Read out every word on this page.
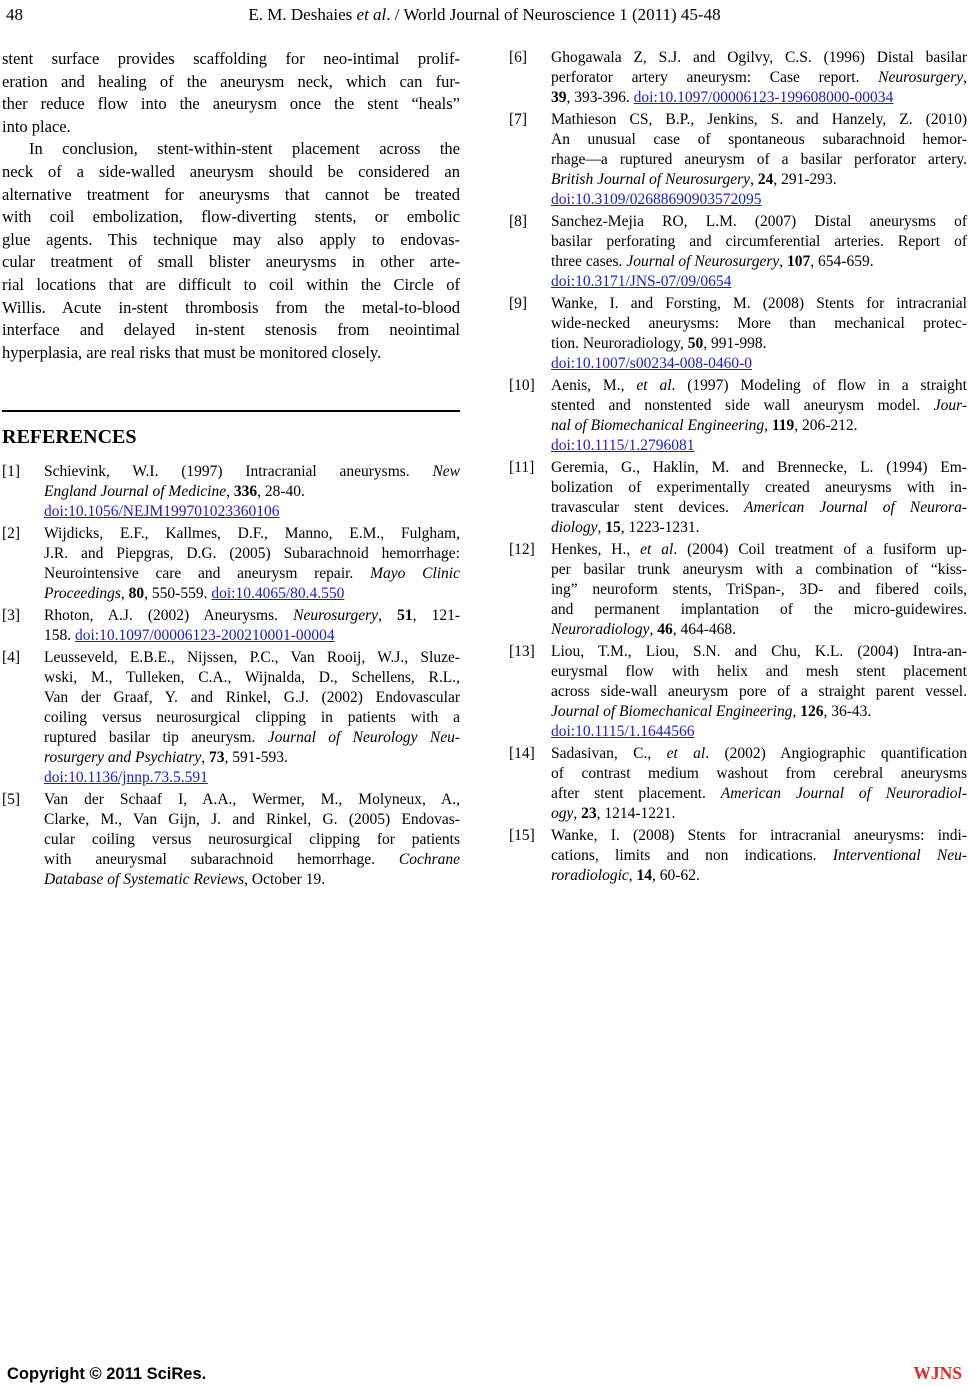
48	E. M. Deshaies et al. / World Journal of Neuroscience 1 (2011) 45-48
stent surface provides scaffolding for neo-intimal prolif-
eration and healing of the aneurysm neck, which can fur-
ther reduce flow into the aneurysm once the stent “heals”
into place.
In conclusion, stent-within-stent placement across the
neck of a side-walled aneurysm should be considered an
alternative treatment for aneurysms that cannot be treated
with coil embolization, flow-diverting stents, or embolic
glue agents. This technique may also apply to endovas-
cular treatment of small blister aneurysms in other arte-
rial locations that are difficult to coil within the Circle of
Willis. Acute in-stent thrombosis from the metal-to-blood
interface and delayed in-stent stenosis from neointimal
hyperplasia, are real risks that must be monitored closely.
REFERENCES
[1]	Schievink, W.I. (1997) Intracranial aneurysms. New
England Journal of Medicine, 336, 28-40.
doi:10.1056/NEJM199701023360106
[2]	Wijdicks, E.F., Kallmes, D.F., Manno, E.M., Fulgham,
J.R. and Piepgras, D.G. (2005) Subarachnoid hemorrhage:
Neurointensive care and aneurysm repair. Mayo Clinic
Proceedings, 80, 550-559. doi:10.4065/80.4.550
[3]	Rhoton, A.J. (2002) Aneurysms. Neurosurgery, 51, 121-
158. doi:10.1097/00006123-200210001-00004
[4]	Leusseveld, E.B.E., Nijssen, P.C., Van Rooij, W.J., Sluze-
wski, M., Tulleken, C.A., Wijnalda, D., Schellens, R.L.,
Van der Graaf, Y. and Rinkel, G.J. (2002) Endovascular
coiling versus neurosurgical clipping in patients with a
ruptured basilar tip aneurysm. Journal of Neurology Neu-
rosurgery and Psychiatry, 73, 591-593.
doi:10.1136/jnnp.73.5.591
[5]	Van der Schaaf I, A.A., Wermer, M., Molyneux, A.,
Clarke, M., Van Gijn, J. and Rinkel, G. (2005) Endovas-
cular coiling versus neurosurgical clipping for patients
with aneurysmal subarachnoid hemorrhage. Cochrane
Database of Systematic Reviews, October 19.
[6]	Ghogawala Z, S.J. and Ogilvy, C.S. (1996) Distal basilar
perforator artery aneurysm: Case report. Neurosurgery,
39, 393-396. doi:10.1097/00006123-199608000-00034
[7]	Mathieson CS, B.P., Jenkins, S. and Hanzely, Z. (2010)
An unusual case of spontaneous subarachnoid hemor-
rhage—a ruptured aneurysm of a basilar perforator artery.
British Journal of Neurosurgery, 24, 291-293.
doi:10.3109/02688690903572095
[8]	Sanchez-Mejia RO, L.M. (2007) Distal aneurysms of
basilar perforating and circumferential arteries. Report of
three cases. Journal of Neurosurgery, 107, 654-659.
doi:10.3171/JNS-07/09/0654
[9]	Wanke, I. and Forsting, M. (2008) Stents for intracranial
wide-necked aneurysms: More than mechanical protec-
tion. Neuroradiology, 50, 991-998.
doi:10.1007/s00234-008-0460-0
[10]	Aenis, M., et al. (1997) Modeling of flow in a straight
stented and nonstented side wall aneurysm model. Jour-
nal of Biomechanical Engineering, 119, 206-212.
doi:10.1115/1.2796081
[11]	Geremia, G., Haklin, M. and Brennecke, L. (1994) Em-
bolization of experimentally created aneurysms with in-
travascular stent devices. American Journal of Neurora-
diology, 15, 1223-1231.
[12]	Henkes, H., et al. (2004) Coil treatment of a fusiform up-
per basilar trunk aneurysm with a combination of “kiss-
ing” neuroform stents, TriSpan-, 3D- and fibered coils,
and permanent implantation of the micro-guidewires.
Neuroradiology, 46, 464-468.
[13]	Liou, T.M., Liou, S.N. and Chu, K.L. (2004) Intra-an-
eurysmal flow with helix and mesh stent placement
across side-wall aneurysm pore of a straight parent vessel.
Journal of Biomechanical Engineering, 126, 36-43.
doi:10.1115/1.1644566
[14]	Sadasivan, C., et al. (2002) Angiographic quantification
of contrast medium washout from cerebral aneurysms
after stent placement. American Journal of Neuroradiol-
ogy, 23, 1214-1221.
[15]	Wanke, I. (2008) Stents for intracranial aneurysms: indi-
cations, limits and non indications. Interventional Neu-
roradiologic, 14, 60-62.
Copyright © 2011 SciRes.	WJNS
